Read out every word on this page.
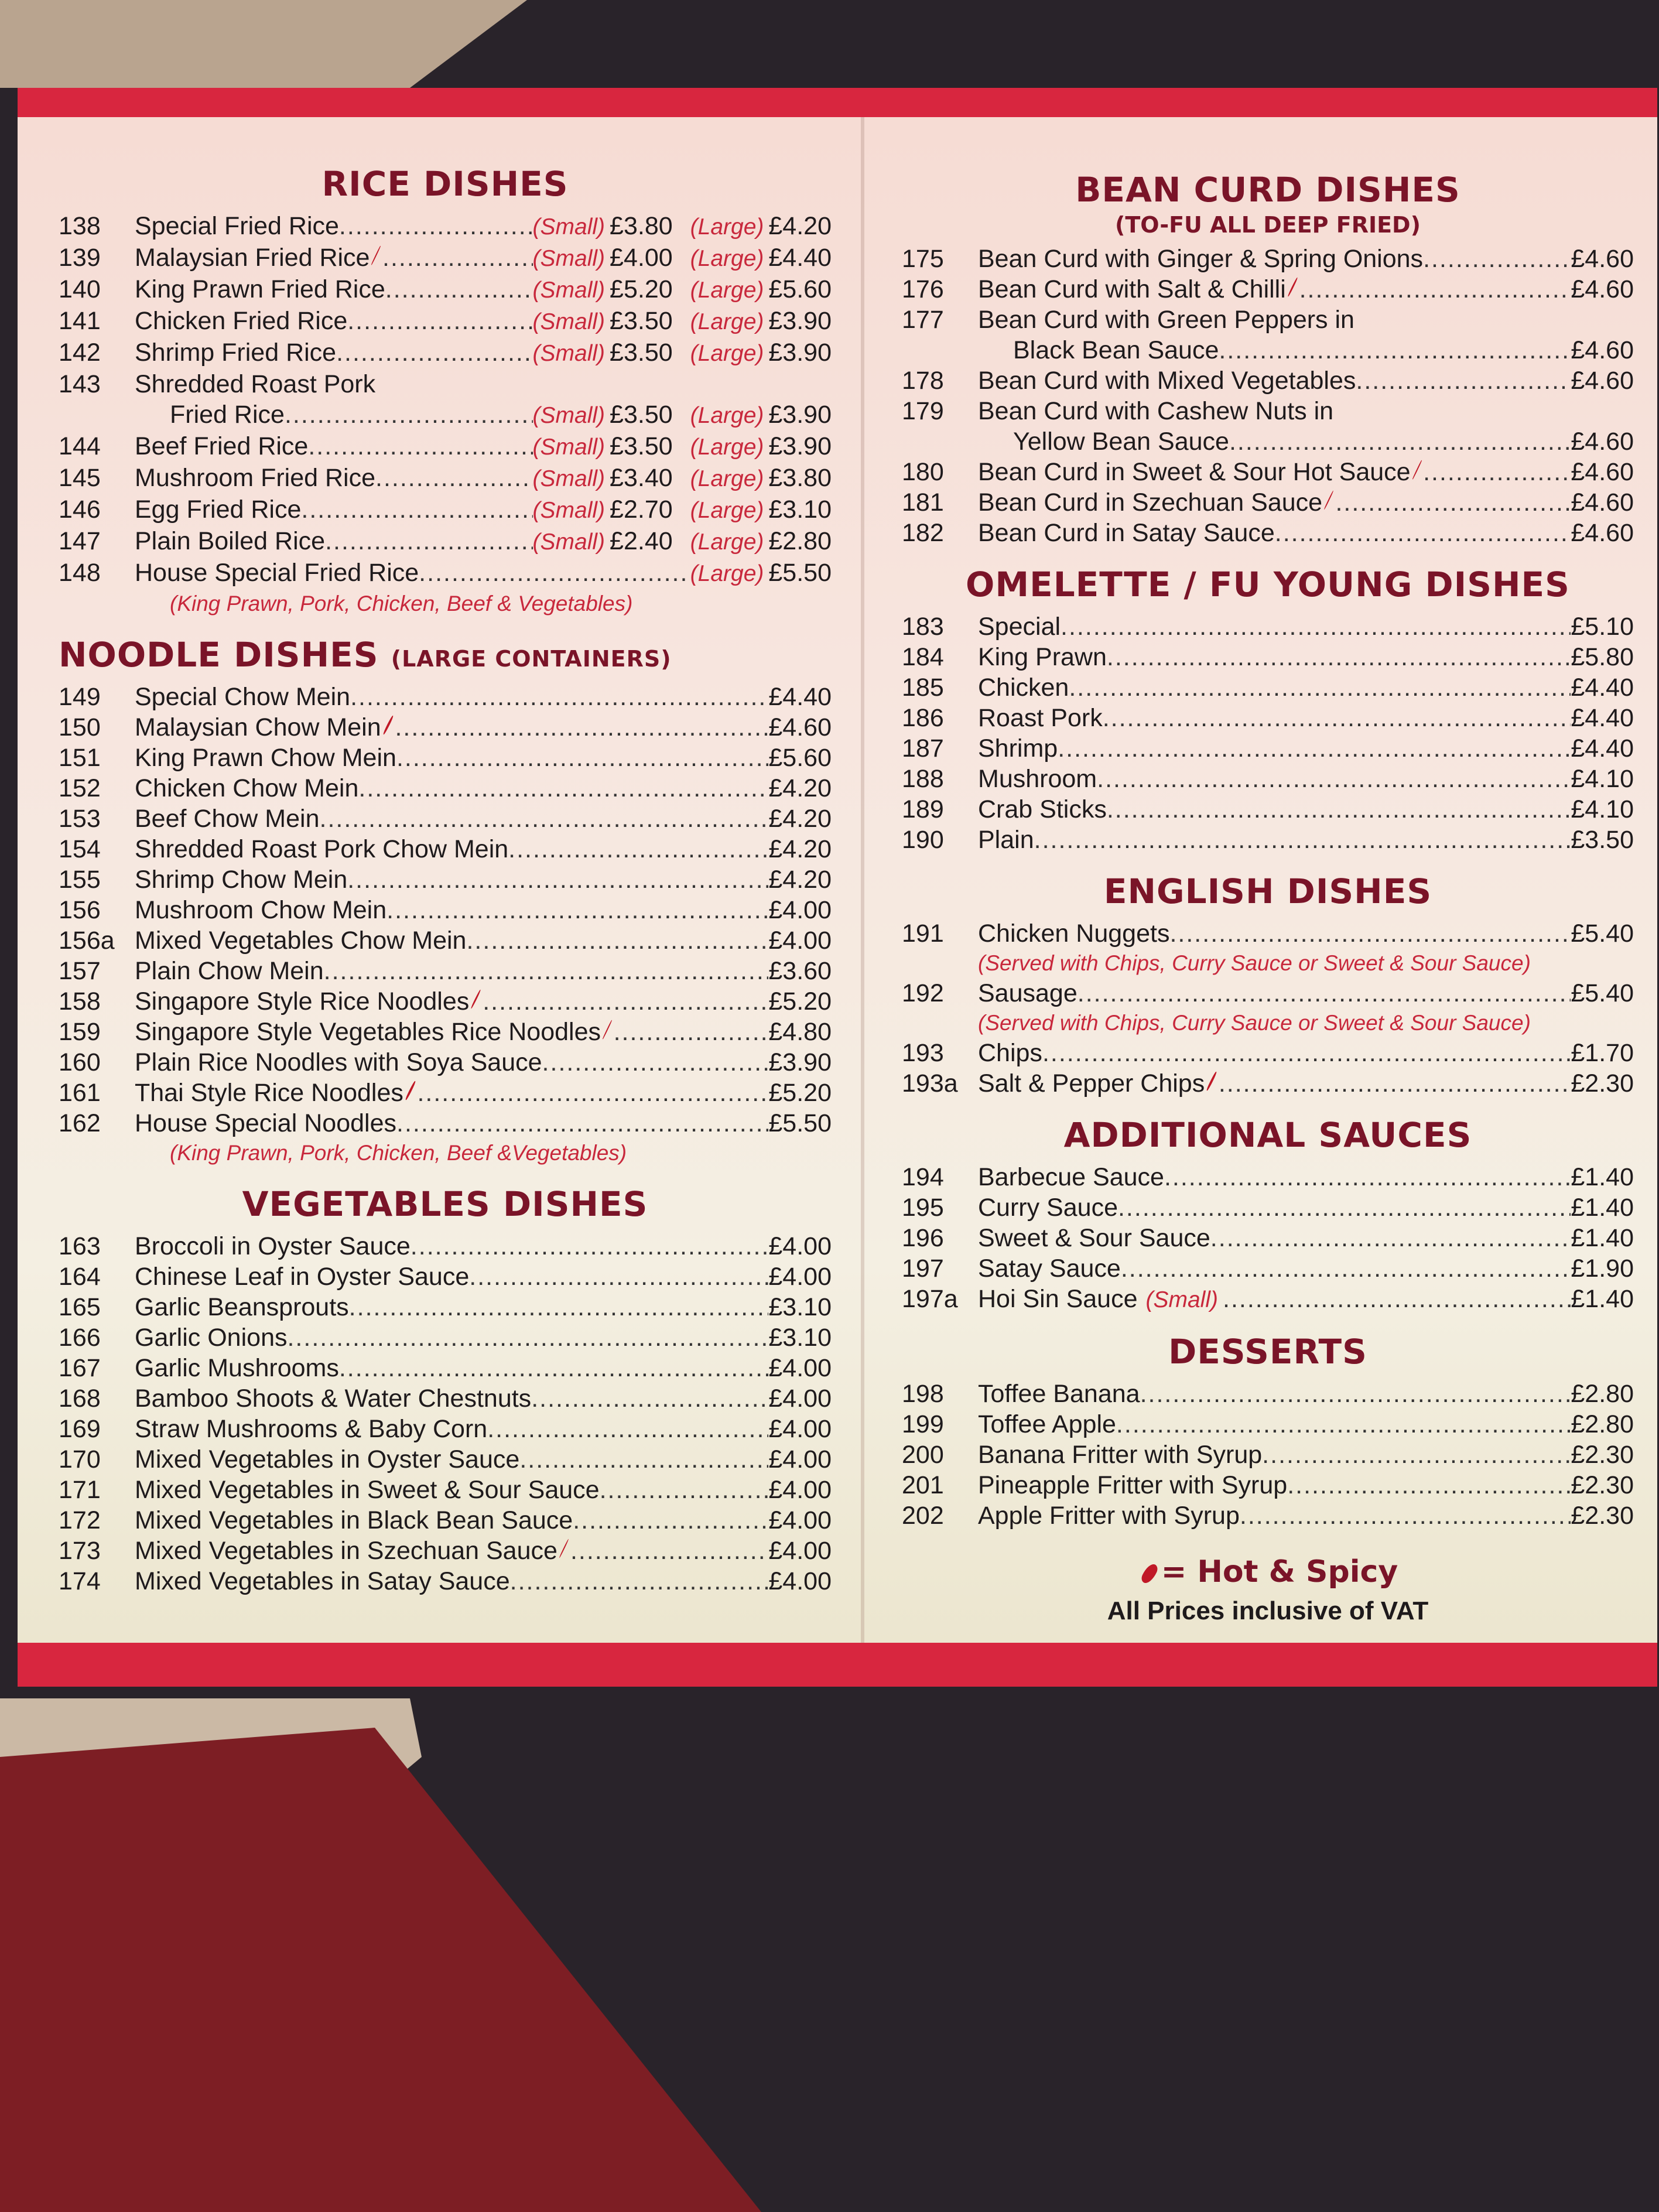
RICE DISHES
138	Special Fried Rice .....	(Small) £3.80 (Large) £4.20
139	Malaysian Fried Rice .....	(Small) £4.00 (Large) £4.40
140	King Prawn Fried Rice .....	(Small) £5.20 (Large) £5.60
141	Chicken Fried Rice .....	(Small) £3.50 (Large) £3.90
142	Shrimp Fried Rice .....	(Small) £3.50 (Large) £3.90
143	Shredded Roast Pork
Fried Rice .....	(Small) £3.50 (Large) £3.90
144	Beef Fried Rice .....	(Small) £3.50 (Large) £3.90
145	Mushroom Fried Rice .....	(Small) £3.40 (Large) £3.80
146	Egg Fried Rice .....	(Small) £2.70 (Large) £3.10
147	Plain Boiled Rice .....	(Small) £2.40 (Large) £2.80
148	House Special Fried Rice .....	(Large) £5.50
(King Prawn, Pork, Chicken, Beef & Vegetables)
NOODLE DISHES (LARGE CONTAINERS)
149	Special Chow Mein .....	£4.40
150	Malaysian Chow Mein .....	£4.60
151	King Prawn Chow Mein .....	£5.60
152	Chicken Chow Mein .....	£4.20
153	Beef Chow Mein .....	£4.20
154	Shredded Roast Pork Chow Mein .....	£4.20
155	Shrimp Chow Mein .....	£4.20
156	Mushroom Chow Mein .....	£4.00
156a Mixed Vegetables Chow Mein .....	£4.00
157	Plain Chow Mein .....	£3.60
158	Singapore Style Rice Noodles .....	£5.20
159	Singapore Style Vegetables Rice Noodles .....	£4.80
160	Plain Rice Noodles with Soya Sauce .....	£3.90
161	Thai Style Rice Noodles .....	£5.20
162	House Special Noodles .....	£5.50
(King Prawn, Pork, Chicken, Beef &Vegetables)
VEGETABLES DISHES
163	Broccoli in Oyster Sauce .....	£4.00
164	Chinese Leaf in Oyster Sauce .....	£4.00
165	Garlic Beansprouts .....	£3.10
166	Garlic Onions .....	£3.10
167	Garlic Mushrooms .....	£4.00
168	Bamboo Shoots & Water Chestnuts .....	£4.00
169	Straw Mushrooms & Baby Corn .....	£4.00
170	Mixed Vegetables in Oyster Sauce .....	£4.00
171	Mixed Vegetables in Sweet & Sour Sauce .....	£4.00
172	Mixed Vegetables in Black Bean Sauce .....	£4.00
173	Mixed Vegetables in Szechuan Sauce .....	£4.00
174	Mixed Vegetables in Satay Sauce .....	£4.00
BEAN CURD DISHES
(TO-FU ALL DEEP FRIED)
175	Bean Curd with Ginger & Spring Onions .....	£4.60
176	Bean Curd with Salt & Chilli .....	£4.60
177	Bean Curd with Green Peppers in
Black Bean Sauce .....	£4.60
178	Bean Curd with Mixed Vegetables .....	£4.60
179	Bean Curd with Cashew Nuts in
Yellow Bean Sauce .....	£4.60
180	Bean Curd in Sweet & Sour Hot Sauce .....	£4.60
181	Bean Curd in Szechuan Sauce .....	£4.60
182	Bean Curd in Satay Sauce .....	£4.60
OMELETTE / FU YOUNG DISHES
183	Special .....	£5.10
184	King Prawn .....	£5.80
185	Chicken .....	£4.40
186	Roast Pork .....	£4.40
187	Shrimp .....	£4.40
188	Mushroom .....	£4.10
189	Crab Sticks .....	£4.10
190	Plain .....	£3.50
ENGLISH DISHES
191	Chicken Nuggets .....	£5.40
(Served with Chips, Curry Sauce or Sweet & Sour Sauce)
192	Sausage .....	£5.40
(Served with Chips, Curry Sauce or Sweet & Sour Sauce)
193	Chips .....	£1.70
193a Salt & Pepper Chips .....	£2.30
ADDITIONAL SAUCES
194	Barbecue Sauce .....	£1.40
195	Curry Sauce .....	£1.40
196	Sweet & Sour Sauce .....	£1.40
197	Satay Sauce .....	£1.90
197a Hoi Sin Sauce (Small) .....	£1.40
DESSERTS
198	Toffee Banana .....	£2.80
199	Toffee Apple .....	£2.80
200	Banana Fritter with Syrup .....	£2.30
201	Pineapple Fritter with Syrup .....	£2.30
202	Apple Fritter with Syrup .....	£2.30
= Hot & Spicy
All Prices inclusive of VAT
